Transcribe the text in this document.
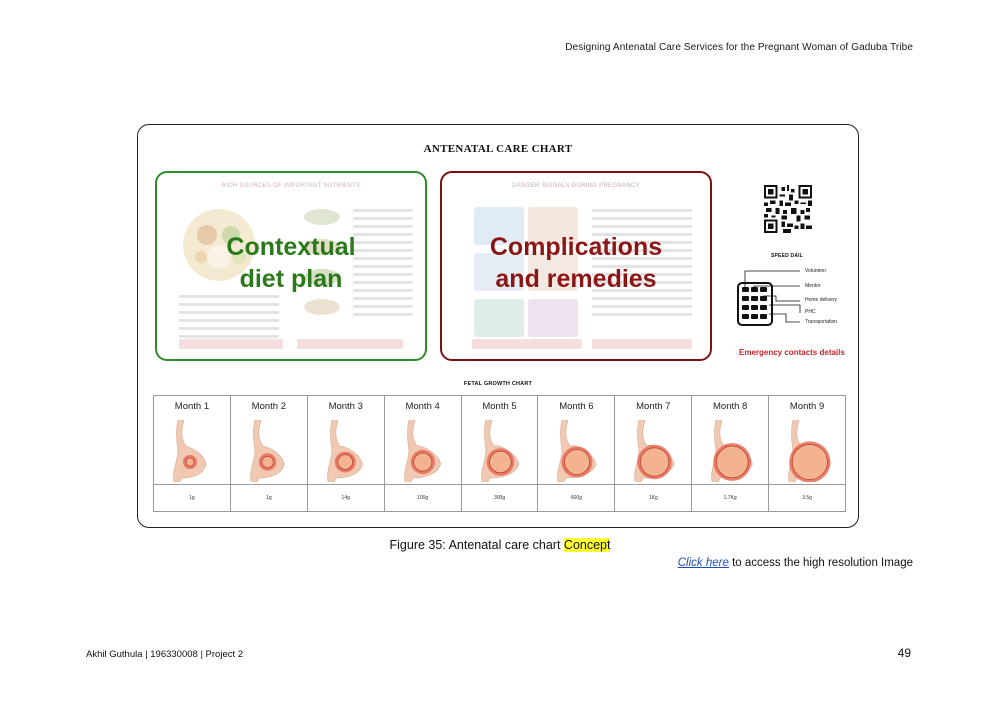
Designing Antenatal Care Services for the Pregnant Woman of Gaduba Tribe
ANTENATAL CARE CHART
RICH SOURCES OF IMPORTANT NUTRIENTS
Contextual
diet plan
DANGER SIGNALS DURING PREGNANCY
Complications
and remedies
SPEED DAIL
Volunteer
Mentor
Home delivery
PHC
Transportation
Emergency contacts details
FETAL GROWTH CHART
Month 1
1g
Month 2
1g
Month 3
14g
Month 4
100g
Month 5
300g
Month 6
600g
Month 7
1Kg
Month 8
1.7Kg
Month 9
3.5g
Figure 35: Antenatal care chart Concept
Click here to access the high resolution Image
Akhil Guthula | 196330008 | Project 2	49
